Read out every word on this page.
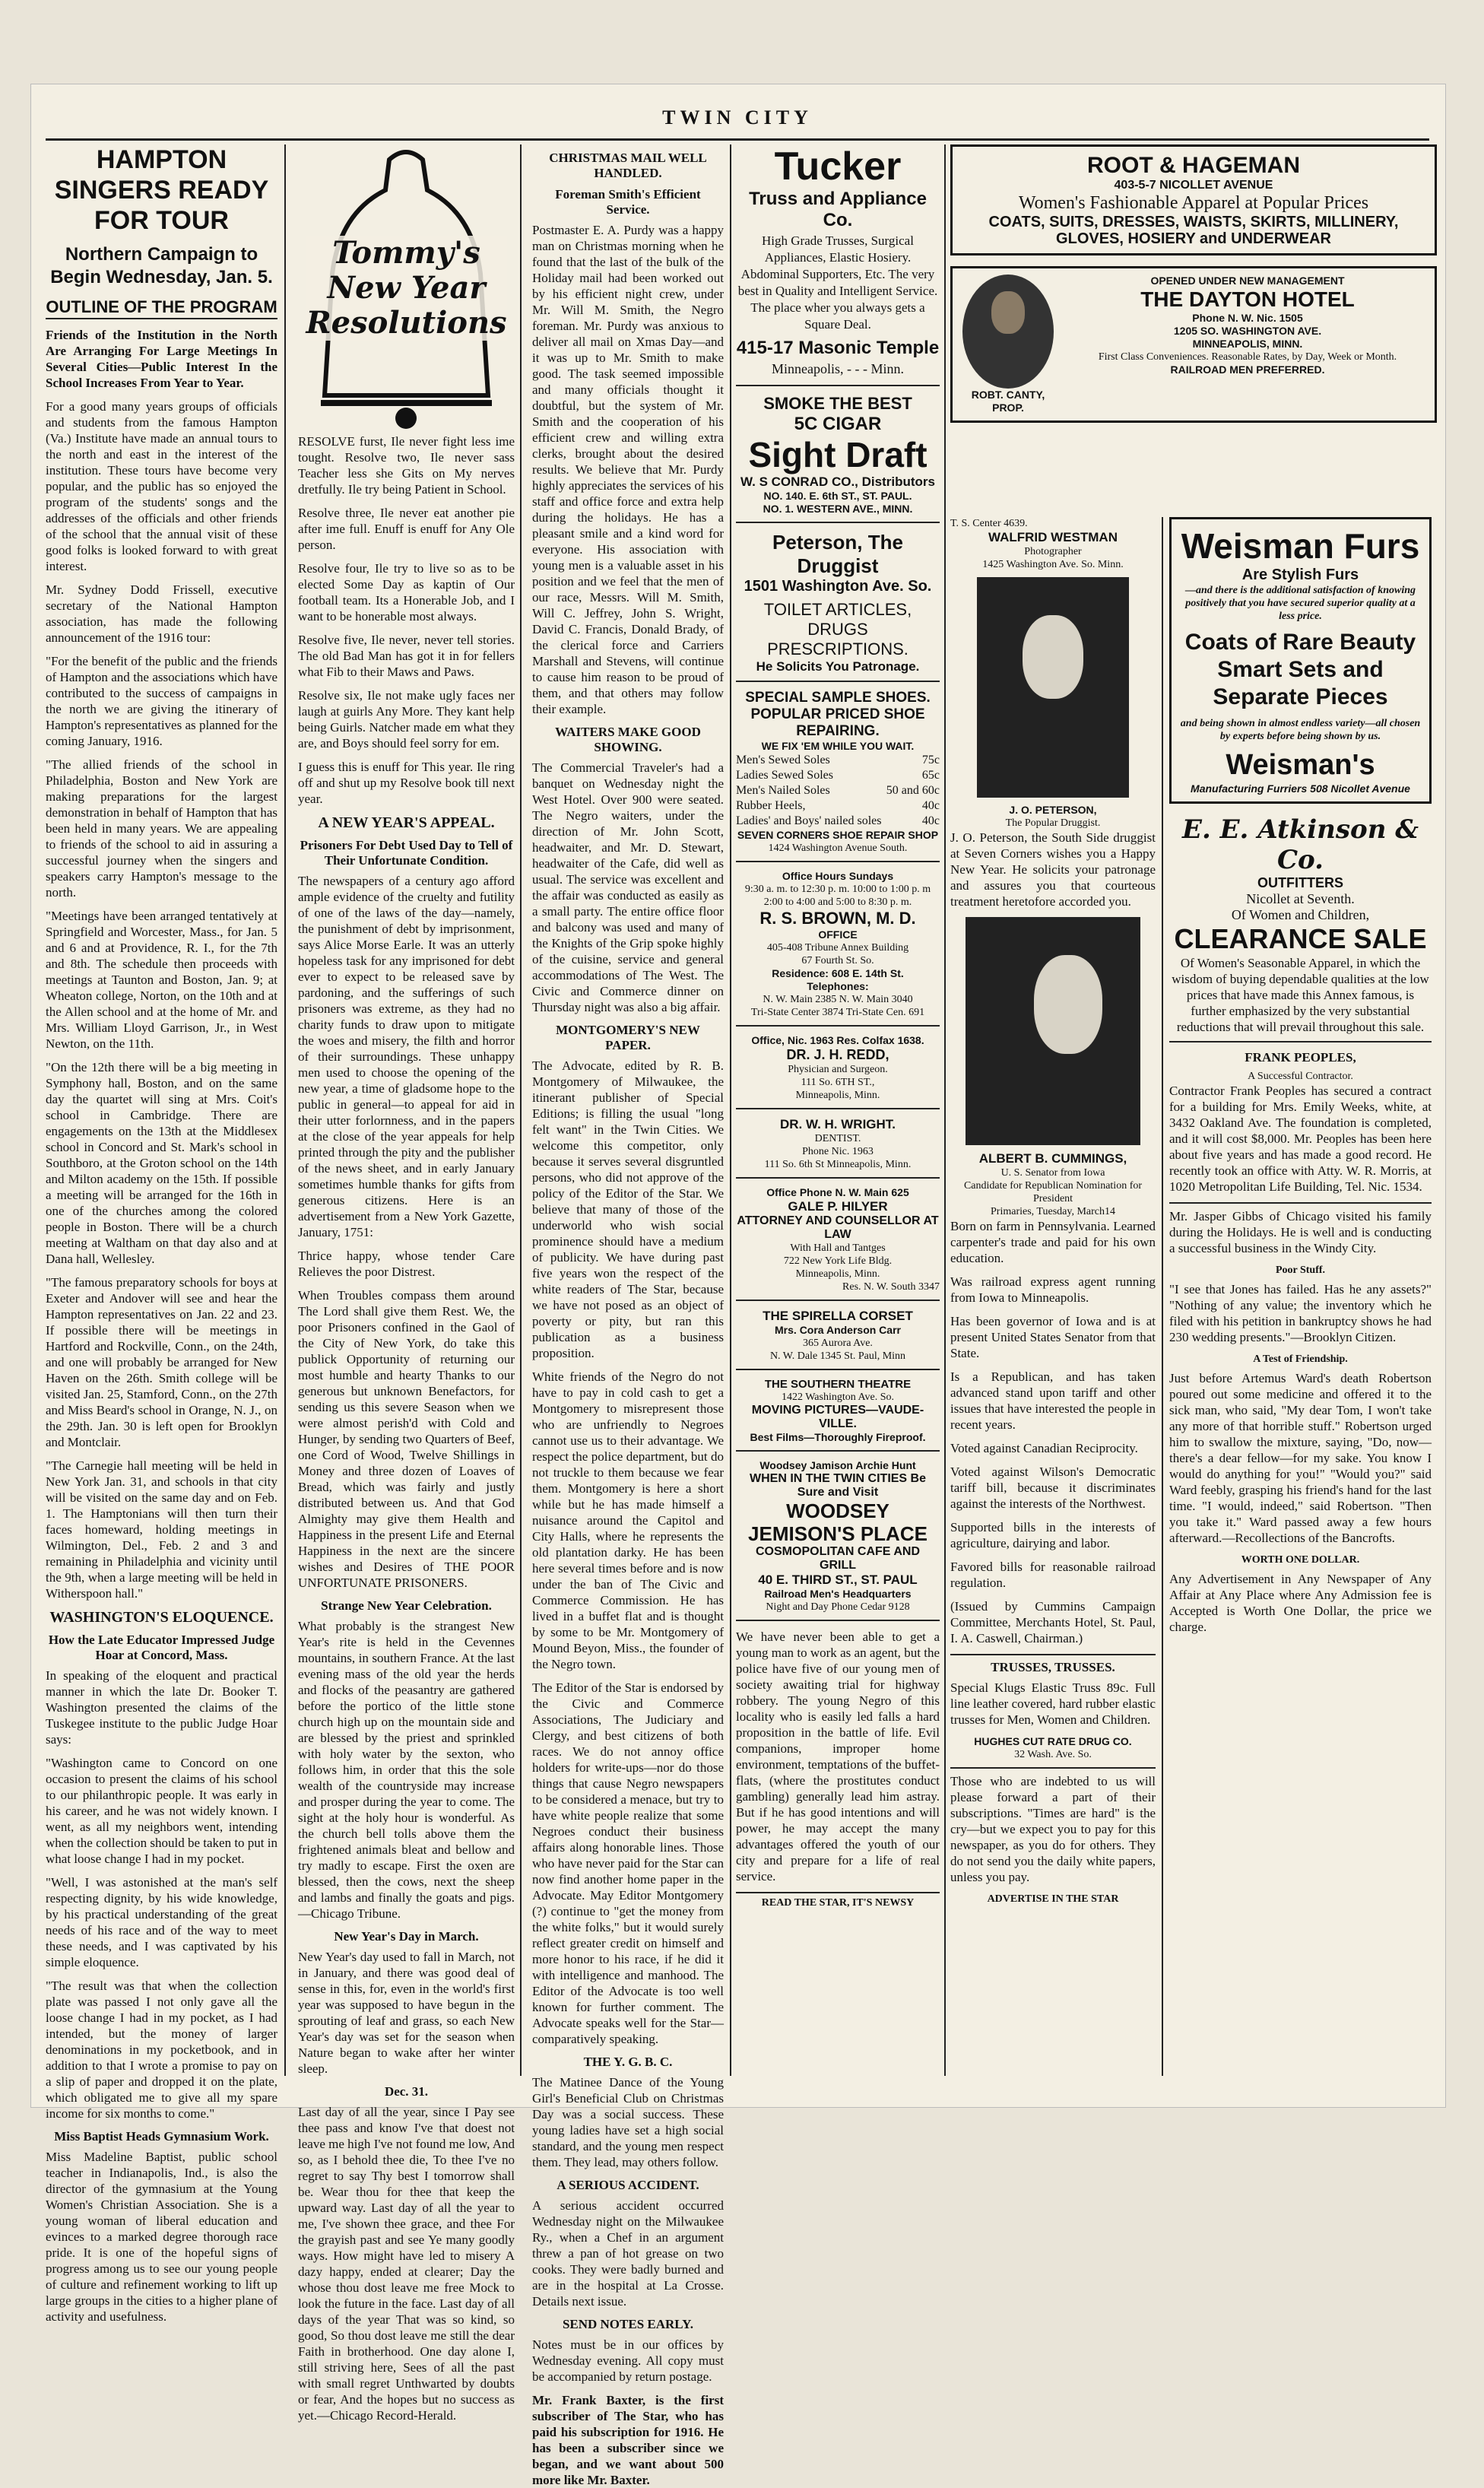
TWIN CITY
HAMPTON SINGERS READY FOR TOUR
Northern Campaign to Begin Wednesday, Jan. 5.
OUTLINE OF THE PROGRAM

Friends of the Institution in the North Are Arranging For Large Meetings In Several Cities—Public Interest In the School Increases From Year to Year.

For a good many years groups of officials and students from the famous Hampton (Va.) Institute have made an annual tours to the north and east in the interest of the institution. These tours have become very popular, and the public has so enjoyed the program of the students' songs and the addresses of the officials and other friends of the school that the annual visit of these good folks is looked forward to with great interest.

Mr. Sydney Dodd Frissell, executive secretary of the National Hampton association, has made the following announcement of the 1916 tour:

"For the benefit of the public and the friends of Hampton and the associations which have contributed to the success of campaigns in the north we are giving the itinerary of Hampton's representatives as planned for the coming January, 1916.

"The allied friends of the school in Philadelphia, Boston and New York are making preparations for the largest demonstration in behalf of Hampton that has been held in many years. We are appealing to friends of the school to aid in assuring a successful journey when the singers and speakers carry Hampton's message to the north.

"Meetings have been arranged tentatively at Springfield and Worcester, Mass., for Jan. 5 and 6 and at Providence, R. I., for the 7th and 8th. The schedule then proceeds with meetings at Taunton and Boston, Jan. 9; at Wheaton college, Norton, on the 10th and at the Allen school and at the home of Mr. and Mrs. William Lloyd Garrison, Jr., in West Newton, on the 11th.

"On the 12th there will be a big meeting in Symphony hall, Boston, and on the same day the quartet will sing at Mrs. Coit's school in Cambridge. There are engagements on the 13th at the Middlesex school in Concord and St. Mark's school in Southboro, at the Groton school on the 14th and Milton academy on the 15th. If possible a meeting will be arranged for the 16th in one of the churches among the colored people in Boston. There will be a church meeting at Waltham on that day also and at Dana hall, Wellesley.

"The famous preparatory schools for boys at Exeter and Andover will see and hear the Hampton representatives on Jan. 22 and 23. If possible there will be meetings in Hartford and Rockville, Conn., on the 24th, and one will probably be arranged for New Haven on the 26th. Smith college will be visited Jan. 25, Stamford, Conn., on the 27th and Miss Beard's school in Orange, N. J., on the 29th. Jan. 30 is left open for Brooklyn and Montclair.

"The Carnegie hall meeting will be held in New York Jan. 31, and schools in that city will be visited on the same day and on Feb. 1. The Hamptonians will then turn their faces homeward, holding meetings in Wilmington, Del., Feb. 2 and 3 and remaining in Philadelphia and vicinity until the 9th, when a large meeting will be held in Witherspoon hall."

WASHINGTON'S ELOQUENCE.
How the Late Educator Impressed Judge Hoar at Concord, Mass.

In speaking of the eloquent and practical manner in which the late Dr. Booker T. Washington presented the claims of the Tuskegee institute to the public Judge Hoar says:

"Washington came to Concord on one occasion to present the claims of his school to our philanthropic people. It was early in his career, and he was not widely known. I went, as all my neighbors went, intending when the collection should be taken to put in what loose change I had in my pocket.

"Well, I was astonished at the man's self respecting dignity, by his wide knowledge, by his practical understanding of the great needs of his race and of the way to meet these needs, and I was captivated by his simple eloquence.

"The result was that when the collection plate was passed I not only gave all the loose change I had in my pocket, as I had intended, but the money of larger denominations in my pocketbook, and in addition to that I wrote a promise to pay on a slip of paper and dropped it on the plate, which obligated me to give all my spare income for six months to come."

Miss Baptist Heads Gymnasium Work.

Miss Madeline Baptist, public school teacher in Indianapolis, Ind., is also the director of the gymnasium at the Young Women's Christian Association. She is a young woman of liberal education and evinces to a marked degree thorough race pride. It is one of the hopeful signs of progress among us to see our young people of culture and refinement working to lift up large groups in the cities to a higher plane of activity and usefulness.

Tommy's New Year Resolutions

RESOLVE furst, Ile never fight less ime tought. Resolve two, Ile never sass Teacher less she Gits on My nerves dretfully. Ile try being Patient in School.

Resolve three, Ile never eat another pie after ime full. Enuff is enuff for Any Ole person.

Resolve four, Ile try to live so as to be elected Some Day as kaptin of Our football team. Its a Honerable Job, and I want to be honerable most always.

Resolve five, Ile never, never tell stories. The old Bad Man has got it in for fellers what Fib to their Maws and Paws.

Resolve six, Ile not make ugly faces ner laugh at guirls Any More. They kant help being Guirls. Natcher made em what they are, and Boys should feel sorry for em.

I guess this is enuff for This year. Ile ring off and shut up my Resolve book till next year.

A NEW YEAR'S APPEAL.
Prisoners For Debt Used Day to Tell of Their Unfortunate Condition.

The newspapers of a century ago afford ample evidence of the cruelty and futility of one of the laws of the day—namely, the punishment of debt by imprisonment, says Alice Morse Earle. It was an utterly hopeless task for any imprisoned for debt ever to expect to be released save by pardoning, and the sufferings of such prisoners was extreme, as they had no charity funds to draw upon to mitigate the woes and misery, the filth and horror of their surroundings. These unhappy men used to choose the opening of the new year, a time of gladsome hope to the public in general—to appeal for aid in their utter forlornness, and in the papers at the close of the year appeals for help printed through the pity and the publisher of the news sheet, and in early January sometimes humble thanks for gifts from generous citizens. Here is an advertisement from a New York Gazette, January, 1751:

Thrice happy, whose tender Care Relieves the poor Distrest.

When Troubles compass them around The Lord shall give them Rest. We, the poor Prisoners confined in the Gaol of the City of New York, do take this publick Opportunity of returning our most humble and hearty Thanks to our generous but unknown Benefactors, for sending us this severe Season when we were almost perish'd with Cold and Hunger, by sending two Quarters of Beef, one Cord of Wood, Twelve Shillings in Money and three dozen of Loaves of Bread, which was fairly and justly distributed between us. And that God Almighty may give them Health and Happiness in the present Life and Eternal Happiness in the next are the sincere wishes and Desires of THE POOR UNFORTUNATE PRISONERS.

Strange New Year Celebration.

What probably is the strangest New Year's rite is held in the Cevennes mountains, in southern France. At the last evening mass of the old year the herds and flocks of the peasantry are gathered before the portico of the little stone church high up on the mountain side and are blessed by the priest and sprinkled with holy water by the sexton, who follows him, in order that this the sole wealth of the countryside may increase and prosper during the year to come. The sight at the holy hour is wonderful. As the church bell tolls above them the frightened animals bleat and bellow and try madly to escape. First the oxen are blessed, then the cows, next the sheep and lambs and finally the goats and pigs.—Chicago Tribune.

New Year's Day in March.

New Year's day used to fall in March, not in January, and there was good deal of sense in this, for, even in the world's first year was supposed to have begun in the sprouting of leaf and grass, so each New Year's day was set for the season when Nature began to wake after her winter sleep.

Dec. 31.

Last day of all the year, since I Pay see thee pass and know I've that doest not leave me high I've not found me low, And so, as I behold thee die, To thee I've no regret to say Thy best I tomorrow shall be. Wear thou for thee that keep the upward way. Last day of all the year to me, I've shown thee grace, and thee For the grayish past and see Ye many goodly ways. How might have led to misery A dazy happy, ended at clearer; Day the whose thou dost leave me free Mock to look the future in the face. Last day of all days of the year That was so kind, so good, So thou dost leave me still the dear Faith in brotherhood. One day alone I, still striving here, Sees of all the past with small regret Unthwarted by doubts or fear, And the hopes but no success as yet.—Chicago Record-Herald.

CHRISTMAS MAIL WELL HANDLED.
Foreman Smith's Efficient Service.

Postmaster E. A. Purdy was a happy man on Christmas morning when he found that the last of the bulk of the Holiday mail had been worked out by his efficient night crew, under Mr. Will M. Smith, the Negro foreman. Mr. Purdy was anxious to deliver all mail on Xmas Day—and it was up to Mr. Smith to make good. The task seemed impossible and many officials thought it doubtful, but the system of Mr. Smith and the cooperation of his efficient crew and willing extra clerks, brought about the desired results. We believe that Mr. Purdy highly appreciates the services of his staff and office force and extra help during the holidays. He has a pleasant smile and a kind word for everyone. His association with young men is a valuable asset in his position and we feel that the men of our race, Messrs. Will M. Smith, Will C. Jeffrey, John S. Wright, David C. Francis, Donald Brady, of the clerical force and Carriers Marshall and Stevens, will continue to cause him reason to be proud of them, and that others may follow their example.

WAITERS MAKE GOOD SHOWING.

The Commercial Traveler's had a banquet on Wednesday night the West Hotel. Over 900 were seated. The Negro waiters, under the direction of Mr. John Scott, headwaiter, and Mr. D. Stewart, headwaiter of the Cafe, did well as usual. The service was excellent and the affair was conducted as easily as a small party. The entire office floor and balcony was used and many of the Knights of the Grip spoke highly of the cuisine, service and general accommodations of The West. The Civic and Commerce dinner on Thursday night was also a big affair.

MONTGOMERY'S NEW PAPER.

The Advocate, edited by R. B. Montgomery of Milwaukee, the itinerant publisher of Special Editions; is filling the usual "long felt want" in the Twin Cities. We welcome this competitor, only because it serves several disgruntled persons, who did not approve of the policy of the Editor of the Star. We believe that many of those of the underworld who wish social prominence should have a medium of publicity. We have during past five years won the respect of the white readers of The Star, because we have not posed as an object of poverty or pity, but ran this publication as a business proposition.

White friends of the Negro do not have to pay in cold cash to get a Montgomery to misrepresent those who are unfriendly to Negroes cannot use us to their advantage. We respect the police department, but do not truckle to them because we fear them. Montgomery is here a short while but he has made himself a nuisance around the Capitol and City Halls, where he represents the old plantation darky. He has been here several times before and is now under the ban of The Civic and Commerce Commission. He has lived in a buffet flat and is thought by some to be Mr. Montgomery of Mound Beyon, Miss., the founder of the Negro town.

The Editor of the Star is endorsed by the Civic and Commerce Associations, The Judiciary and Clergy, and best citizens of both races. We do not annoy office holders for write-ups—nor do those things that cause Negro newspapers to be considered a menace, but try to have white people realize that some Negroes conduct their business affairs along honorable lines. Those who have never paid for the Star can now find another home paper in the Advocate. May Editor Montgomery (?) continue to "get the money from the white folks," but it would surely reflect greater credit on himself and more honor to his race, if he did it with intelligence and manhood. The Editor of the Advocate is too well known for further comment. The Advocate speaks well for the Star—comparatively speaking.

THE Y. G. B. C.

The Matinee Dance of the Young Girl's Beneficial Club on Christmas Day was a social success. These young ladies have set a high social standard, and the young men respect them. They lead, may others follow.

A SERIOUS ACCIDENT.

A serious accident occurred Wednesday night on the Milwaukee Ry., when a Chef in an argument threw a pan of hot grease on two cooks. They were badly burned and are in the hospital at La Crosse. Details next issue.

SEND NOTES EARLY.

Notes must be in our offices by Wednesday evening. All copy must be accompanied by return postage.

Mr. Frank Baxter, is the first subscriber of The Star, who has paid his subscription for 1916. He has been a subscriber since we began, and we want about 500 more like Mr. Baxter.

Tucker
Truss and Appliance Co.
High Grade Trusses, Surgical Appliances, Elastic Hosiery. Abdominal Supporters, Etc. The very best in Quality and Intelligent Service. The place wher you always gets a Square Deal.
415-17 Masonic Temple
Minneapolis, - - - Minn.
SMOKE THE BEST
5C CIGAR
Sight Draft
W. S CONRAD CO., Distributors
NO. 140. E. 6th ST., ST. PAUL.
NO. 1. WESTERN AVE., MINN.
Peterson, The Druggist
1501 Washington Ave. So.
TOILET ARTICLES, DRUGS PRESCRIPTIONS.
He Solicits You Patronage.
SPECIAL SAMPLE SHOES. POPULAR PRICED SHOE REPAIRING.
WE FIX 'EM WHILE YOU WAIT.
Men's Sewed Soles	75c
Ladies Sewed Soles	65c
Men's Nailed Soles	50 and 60c
Rubber Heels,	40c
Ladies' and Boys' nailed soles	40c
SEVEN CORNERS SHOE REPAIR SHOP
1424 Washington Avenue South.
Office Hours Sundays
9:30 a. m. to 12:30 p. m. 10:00 to 1:00 p. m
2:00 to 4:00 and 5:00 to 8:30 p. m.
R. S. BROWN, M. D.
OFFICE
405-408 Tribune Annex Building
67 Fourth St. So.
Residence: 608 E. 14th St.
Telephones:
N. W. Main 2385 N. W. Main 3040
Tri-State Center 3874 Tri-State Cen. 691
Office, Nic. 1963 Res. Colfax 1638.
DR. J. H. REDD,
Physician and Surgeon.
111 So. 6TH ST.,
Minneapolis, Minn.
DR. W. H. WRIGHT.
DENTIST.
Phone Nic. 1963
111 So. 6th St Minneapolis, Minn.
Office Phone N. W. Main 625
GALE P. HILYER
ATTORNEY AND COUNSELLOR AT LAW
With Hall and Tantges
722 New York Life Bldg.
Minneapolis, Minn.
Res. N. W. South 3347
THE SPIRELLA CORSET
Mrs. Cora Anderson Carr
365 Aurora Ave.
N. W. Dale 1345 St. Paul, Minn
THE SOUTHERN THEATRE
1422 Washington Ave. So.
MOVING PICTURES—VAUDE-VILLE.
Best Films—Thoroughly Fireproof.
Woodsey Jamison Archie Hunt
WHEN IN THE TWIN CITIES Be Sure and Visit
WOODSEY JEMISON'S PLACE
COSMOPOLITAN CAFE AND GRILL
40 E. THIRD ST., ST. PAUL
Railroad Men's Headquarters
Night and Day Phone Cedar 9128

We have never been able to get a young man to work as an agent, but the police have five of our young men of society awaiting trial for highway robbery. The young Negro of this locality who is easily led falls a hard proposition in the battle of life. Evil companions, improper home environment, temptations of the buffet-flats, (where the prostitutes conduct gambling) generally lead him astray. But if he has good intentions and will power, he may accept the many advantages offered the youth of our city and prepare for a life of real service.

READ THE STAR, IT'S NEWSY
ROOT & HAGEMAN
403-5-7 NICOLLET AVENUE
Women's Fashionable Apparel at Popular Prices
COATS, SUITS, DRESSES, WAISTS, SKIRTS, MILLINERY, GLOVES, HOSIERY and UNDERWEAR
ROBT. CANTY, PROP.
OPENED UNDER NEW MANAGEMENT
THE DAYTON HOTEL
Phone N. W. Nic. 1505
1205 SO. WASHINGTON AVE.
MINNEAPOLIS, MINN.
First Class Conveniences. Reasonable Rates, by Day, Week or Month.
RAILROAD MEN PREFERRED.
T. S. Center 4639.
WALFRID WESTMAN
Photographer
1425 Washington Ave. So. Minn.
J. O. PETERSON,
The Popular Druggist.

J. O. Peterson, the South Side druggist at Seven Corners wishes you a Happy New Year. He solicits your patronage and assures you that courteous treatment heretofore accorded you.

ALBERT B. CUMMINGS,
U. S. Senator from Iowa
Candidate for Republican Nomination for President
Primaries, Tuesday, March14

Born on farm in Pennsylvania. Learned carpenter's trade and paid for his own education.

Was railroad express agent running from Iowa to Minneapolis.

Has been governor of Iowa and is at present United States Senator from that State.

Is a Republican, and has taken advanced stand upon tariff and other issues that have interested the people in recent years.

Voted against Canadian Reciprocity.

Voted against Wilson's Democratic tariff bill, because it discriminates against the interests of the Northwest.

Supported bills in the interests of agriculture, dairying and labor.

Favored bills for reasonable railroad regulation.

(Issued by Cummins Campaign Committee, Merchants Hotel, St. Paul, I. A. Caswell, Chairman.)

TRUSSES, TRUSSES.

Special Klugs Elastic Truss 89c. Full line leather covered, hard rubber elastic trusses for Men, Women and Children.

HUGHES CUT RATE DRUG CO.
32 Wash. Ave. So.

Those who are indebted to us will please forward a part of their subscriptions. "Times are hard" is the cry—but we expect you to pay for this newspaper, as you do for others. They do not send you the daily white papers, unless you pay.

ADVERTISE IN THE STAR
Weisman Furs
Are Stylish Furs
—and there is the additional satisfaction of knowing positively that you have secured superior quality at a less price.
Coats of Rare Beauty Smart Sets and Separate Pieces
and being shown in almost endless variety—all chosen by experts before being shown by us.
Weisman's
Manufacturing Furriers 508 Nicollet Avenue
E. E. Atkinson & Co.
OUTFITTERS
Nicollet at Seventh.
Of Women and Children,
CLEARANCE SALE
Of Women's Seasonable Apparel, in which the wisdom of buying dependable qualities at the low prices that have made this Annex famous, is further emphasized by the very substantial reductions that will prevail throughout this sale.
FRANK PEOPLES,
A Successful Contractor.

Contractor Frank Peoples has secured a contract for a building for Mrs. Emily Weeks, white, at 3432 Oakland Ave. The foundation is completed, and it will cost $8,000. Mr. Peoples has been here about five years and has made a good record. He recently took an office with Atty. W. R. Morris, at 1020 Metropolitan Life Building, Tel. Nic. 1534.

Mr. Jasper Gibbs of Chicago visited his family during the Holidays. He is well and is conducting a successful business in the Windy City.

Poor Stuff.

"I see that Jones has failed. Has he any assets?" "Nothing of any value; the inventory which he filed with his petition in bankruptcy shows he had 230 wedding presents."—Brooklyn Citizen.

A Test of Friendship.

Just before Artemus Ward's death Robertson poured out some medicine and offered it to the sick man, who said, "My dear Tom, I won't take any more of that horrible stuff." Robertson urged him to swallow the mixture, saying, "Do, now—there's a dear fellow—for my sake. You know I would do anything for you!" "Would you?" said Ward feebly, grasping his friend's hand for the last time. "I would, indeed," said Robertson. "Then you take it." Ward passed away a few hours afterward.—Recollections of the Bancrofts.

WORTH ONE DOLLAR.

Any Advertisement in Any Newspaper of Any Affair at Any Place where Any Admission fee is Accepted is Worth One Dollar, the price we charge.
